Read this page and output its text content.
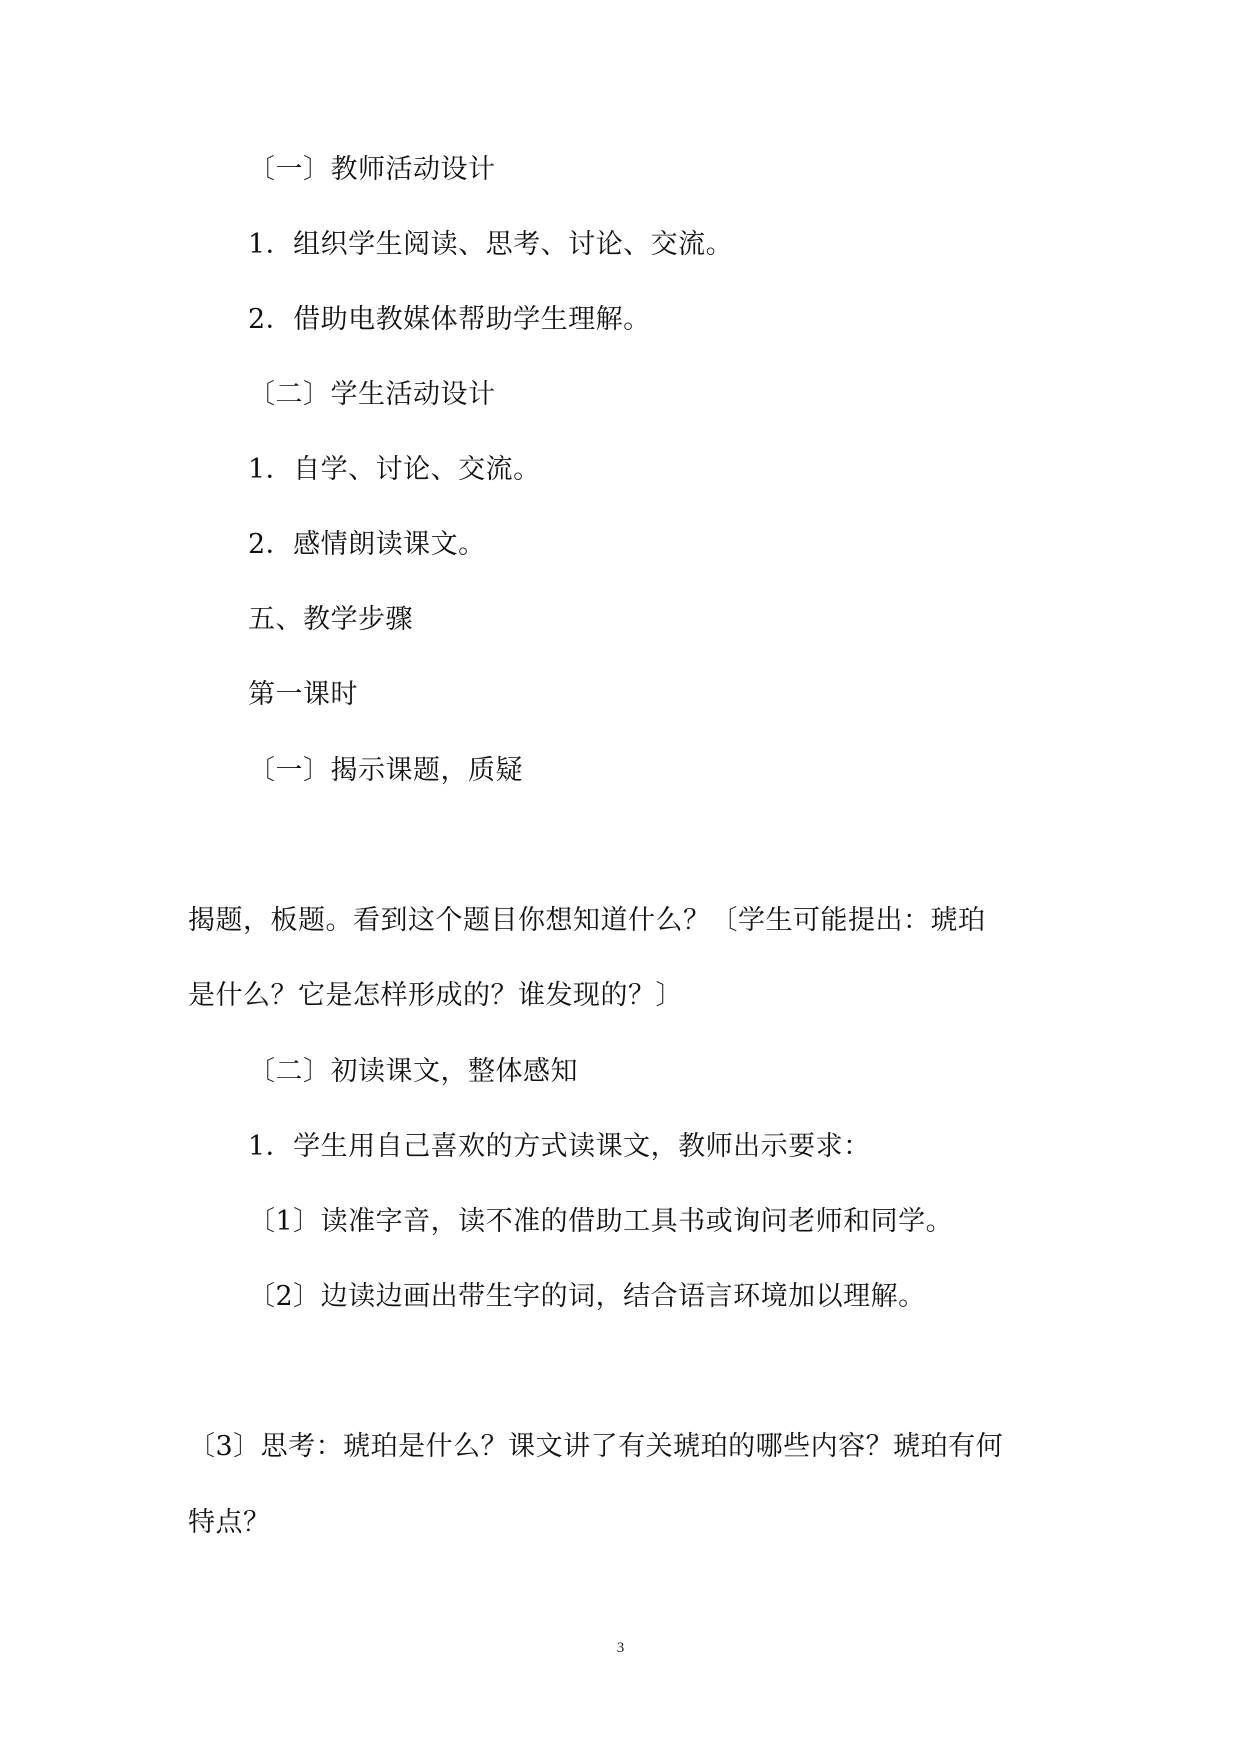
〔一〕教师活动设计
1．组织学生阅读、思考、讨论、交流。
2．借助电教媒体帮助学生理解。
〔二〕学生活动设计
1．自学、讨论、交流。
2．感情朗读课文。
五、教学步骤
第一课时
〔一〕揭示课题，质疑
揭题，板题。看到这个题目你想知道什么？〔学生可能提出：琥珀
是什么？它是怎样形成的？谁发现的？〕
〔二〕初读课文，整体感知
1．学生用自己喜欢的方式读课文，教师出示要求：
〔1〕读准字音，读不准的借助工具书或询问老师和同学。
〔2〕边读边画出带生字的词，结合语言环境加以理解。
〔3〕思考：琥珀是什么？课文讲了有关琥珀的哪些内容？琥珀有何
特点？
3
